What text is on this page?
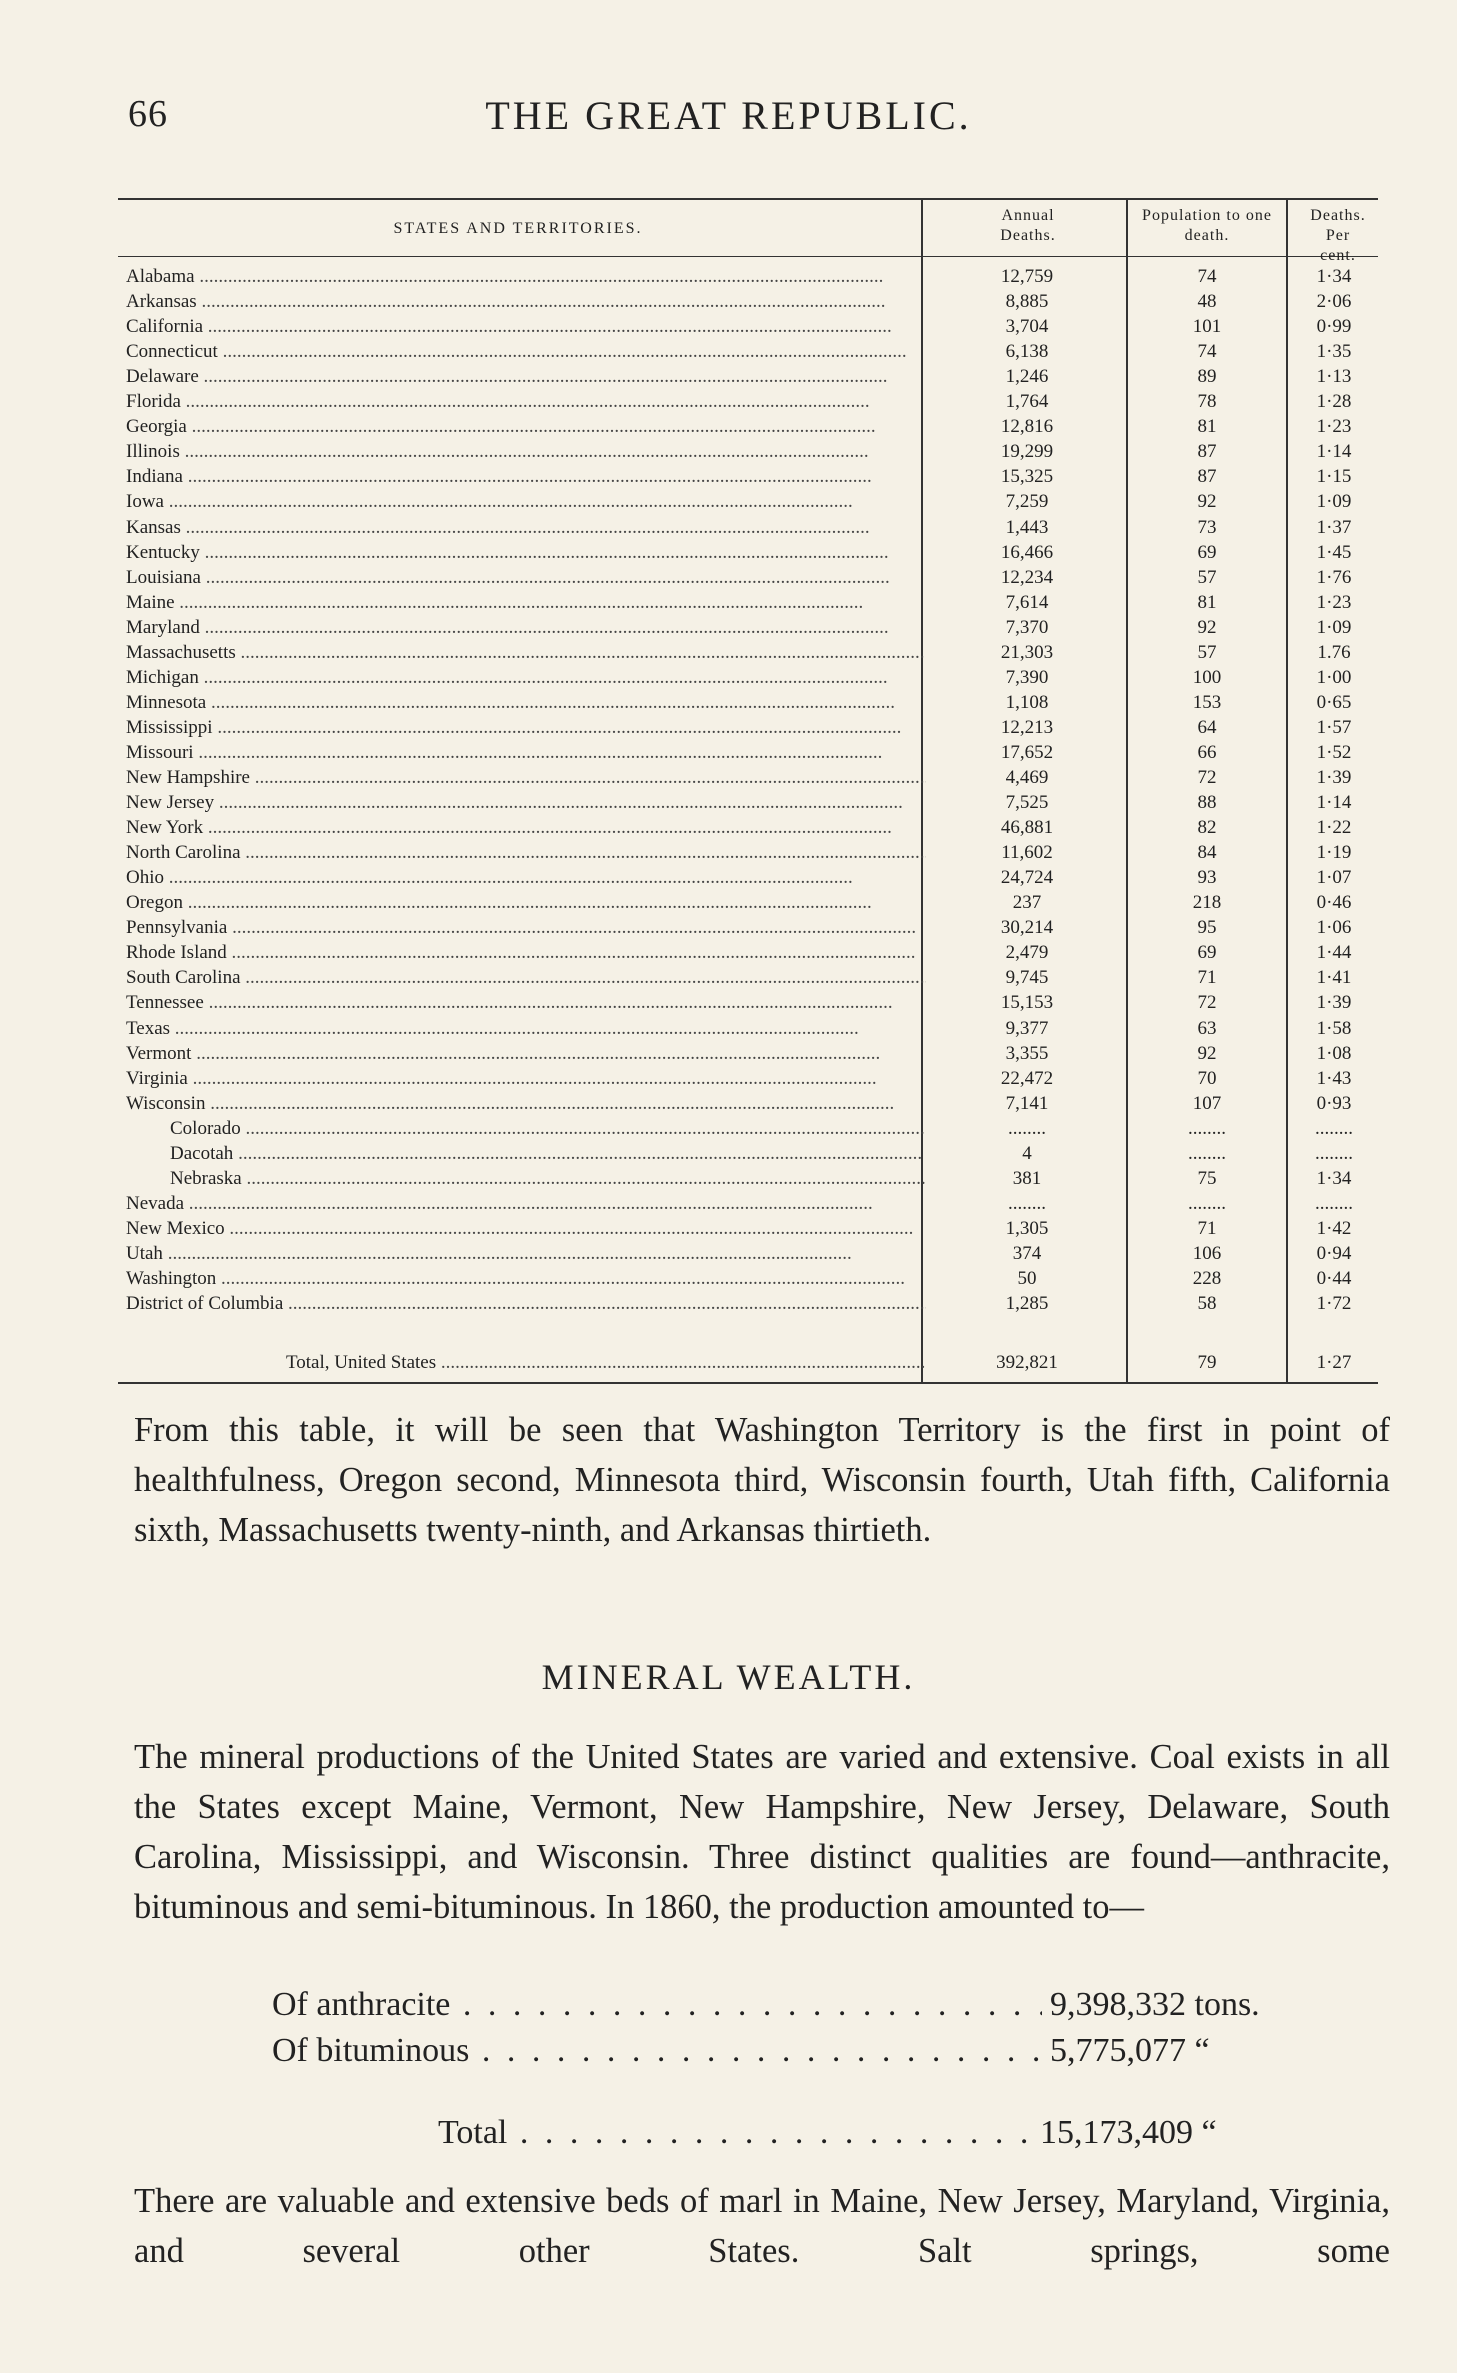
66	THE GREAT REPUBLIC.
STATES AND TERRITORIES.
Annual Deaths.
Population to one death.
Deaths. Per cent.
Alabama .....	12,759	74	1·34
Arkansas .....	8,885	48	2·06
California .....	3,704	101	0·99
Connecticut .....	6,138	74	1·35
Delaware .....	1,246	89	1·13
Florida .....	1,764	78	1·28
Georgia .....	12,816	81	1·23
Illinois .....	19,299	87	1·14
Indiana .....	15,325	87	1·15
Iowa .....	7,259	92	1·09
Kansas .....	1,443	73	1·37
Kentucky .....	16,466	69	1·45
Louisiana .....	12,234	57	1·76
Maine .....	7,614	81	1·23
Maryland .....	7,370	92	1·09
Massachusetts .....	21,303	57	1.76
Michigan .....	7,390	100	1·00
Minnesota .....	1,108	153	0·65
Mississippi .....	12,213	64	1·57
Missouri .....	17,652	66	1·52
New Hampshire .....	4,469	72	1·39
New Jersey .....	7,525	88	1·14
New York .....	46,881	82	1·22
North Carolina .....	11,602	84	1·19
Ohio .....	24,724	93	1·07
Oregon .....	237	218	0·46
Pennsylvania .....	30,214	95	1·06
Rhode Island .....	2,479	69	1·44
South Carolina .....	9,745	71	1·41
Tennessee .....	15,153	72	1·39
Texas .....	9,377	63	1·58
Vermont .....	3,355	92	1·08
Virginia .....	22,472	70	1·43
Wisconsin .....	7,141	107	0·93
Colorado .....	........	........	........
Dacotah .....	4	........	........
Nebraska .....	381	75	1·34
Nevada .....	........	........	........
New Mexico .....	1,305	71	1·42
Utah .....	374	106	0·94
Washington .....	50	228	0·44
District of Columbia .....	1,285	58	1·72
Total, United States .....	392,821	79	1·27

From this table, it will be seen that Washington Territory is the first in point of healthfulness, Oregon second, Minnesota third, Wisconsin fourth, Utah fifth, California sixth, Massachusetts twenty-ninth, and Arkansas thirtieth.

MINERAL WEALTH.

The mineral productions of the United States are varied and extensive. Coal exists in all the States except Maine, Vermont, New Hampshire, New Jersey, Delaware, South Carolina, Mississippi, and Wisconsin. Three distinct qualities are found—anthracite, bituminous and semi-bituminous. In 1860, the production amounted to—

Of anthracite . . .	9,398,332 tons.
Of bituminous . . .	5,775,077 “
Total . . .	15,173,409 “

There are valuable and extensive beds of marl in Maine, New Jersey, Maryland, Virginia, and several other States. Salt springs, some
